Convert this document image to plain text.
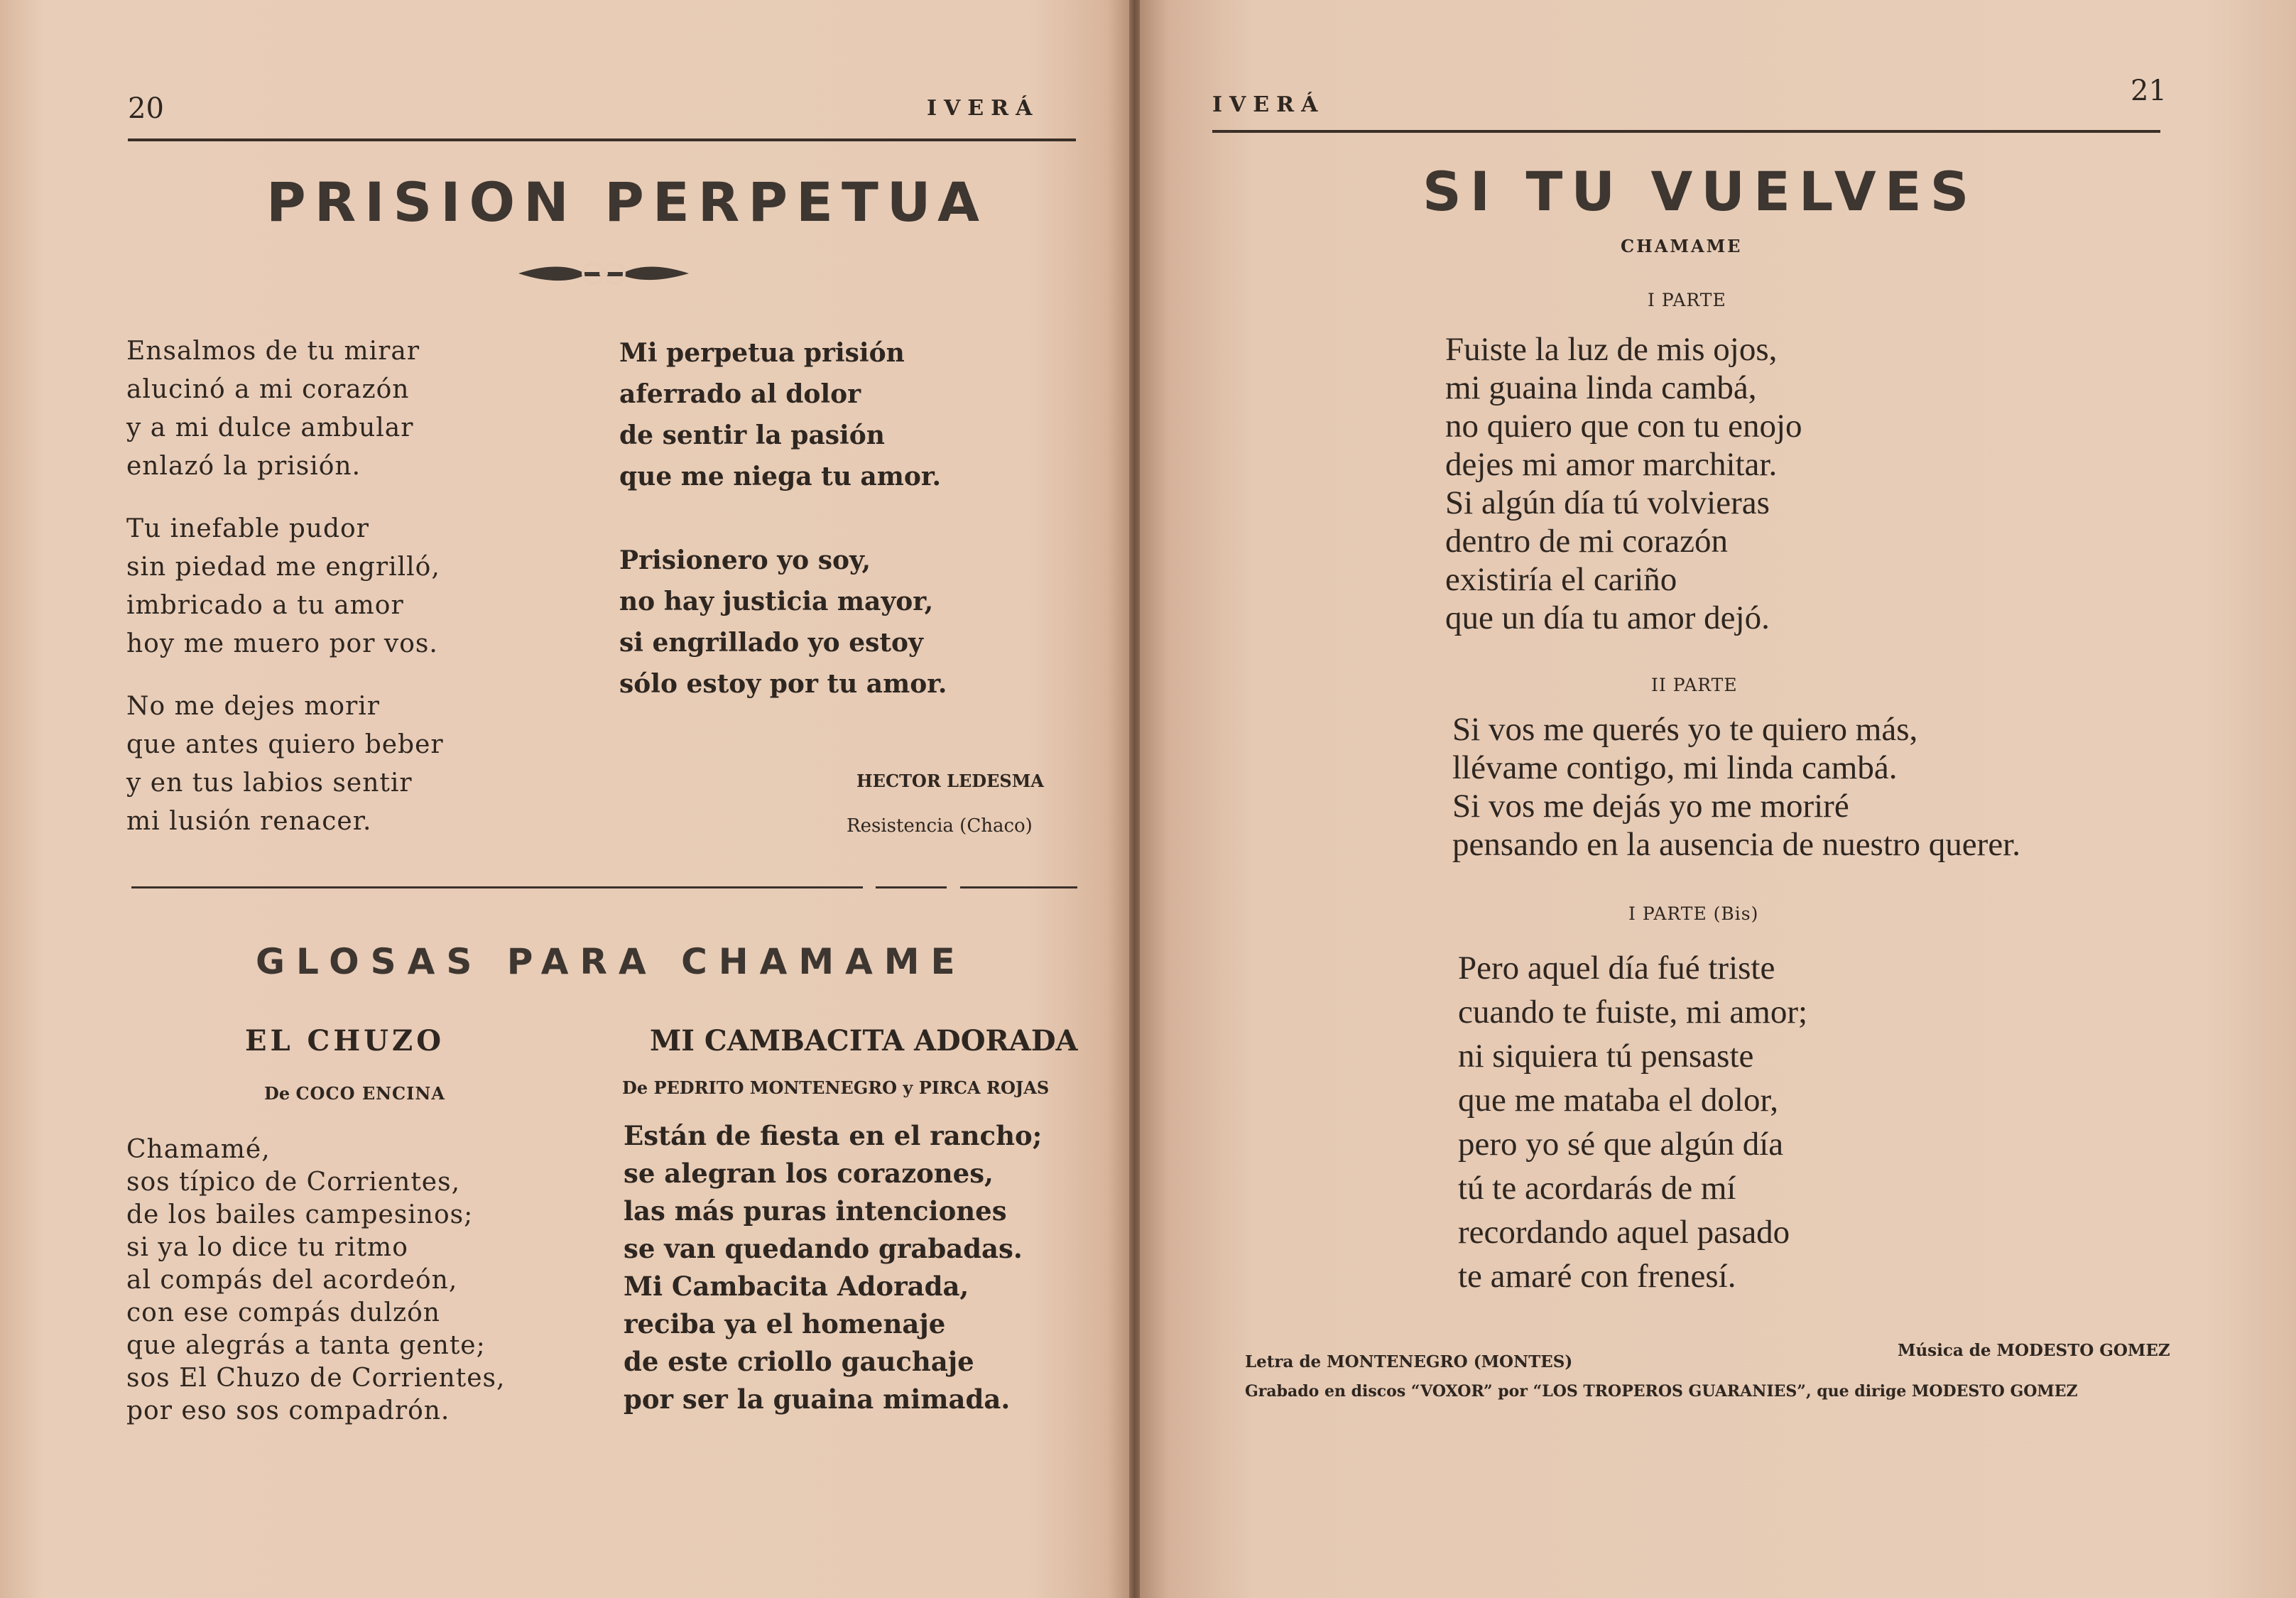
20	IVERÁ
PRISION PERPETUA
Ensalmos de tu mirar
alucinó a mi corazón
y a mi dulce ambular
enlazó la prisión.
Tu inefable pudor
sin piedad me engrilló,
imbricado a tu amor
hoy me muero por vos.
No me dejes morir
que antes quiero beber
y en tus labios sentir
mi lusión renacer.
Mi perpetua prisión
aferrado al dolor
de sentir la pasión
que me niega tu amor.
Prisionero yo soy,
no hay justicia mayor,
si engrillado yo estoy
sólo estoy por tu amor.
HECTOR LEDESMA
Resistencia (Chaco)
GLOSAS PARA CHAMAME
EL CHUZO
De COCO ENCINA
Chamamé,
sos típico de Corrientes,
de los bailes campesinos;
si ya lo dice tu ritmo
al compás del acordeón,
con ese compás dulzón
que alegrás a tanta gente;
sos El Chuzo de Corrientes,
por eso sos compadrón.
MI CAMBACITA ADORADA
De PEDRITO MONTENEGRO y PIRCA ROJAS
Están de fiesta en el rancho;
se alegran los corazones,
las más puras intenciones
se van quedando grabadas.
Mi Cambacita Adorada,
reciba ya el homenaje
de este criollo gauchaje
por ser la guaina mimada.
IVERÁ	21
SI TU VUELVES
CHAMAME
I PARTE
Fuiste la luz de mis ojos,
mi guaina linda cambá,
no quiero que con tu enojo
dejes mi amor marchitar.
Si algún día tú volvieras
dentro de mi corazón
existiría el cariño
que un día tu amor dejó.
II PARTE
Si vos me querés yo te quiero más,
llévame contigo, mi linda cambá.
Si vos me dejás yo me moriré
pensando en la ausencia de nuestro querer.
I PARTE (Bis)
Pero aquel día fué triste
cuando te fuiste, mi amor;
ni siquiera tú pensaste
que me mataba el dolor,
pero yo sé que algún día
tú te acordarás de mí
recordando aquel pasado
te amaré con frenesí.
Letra de MONTENEGRO (MONTES)
Música de MODESTO GOMEZ
Grabado en discos “VOXOR” por “LOS TROPEROS GUARANIES”, que dirige MODESTO GOMEZ
